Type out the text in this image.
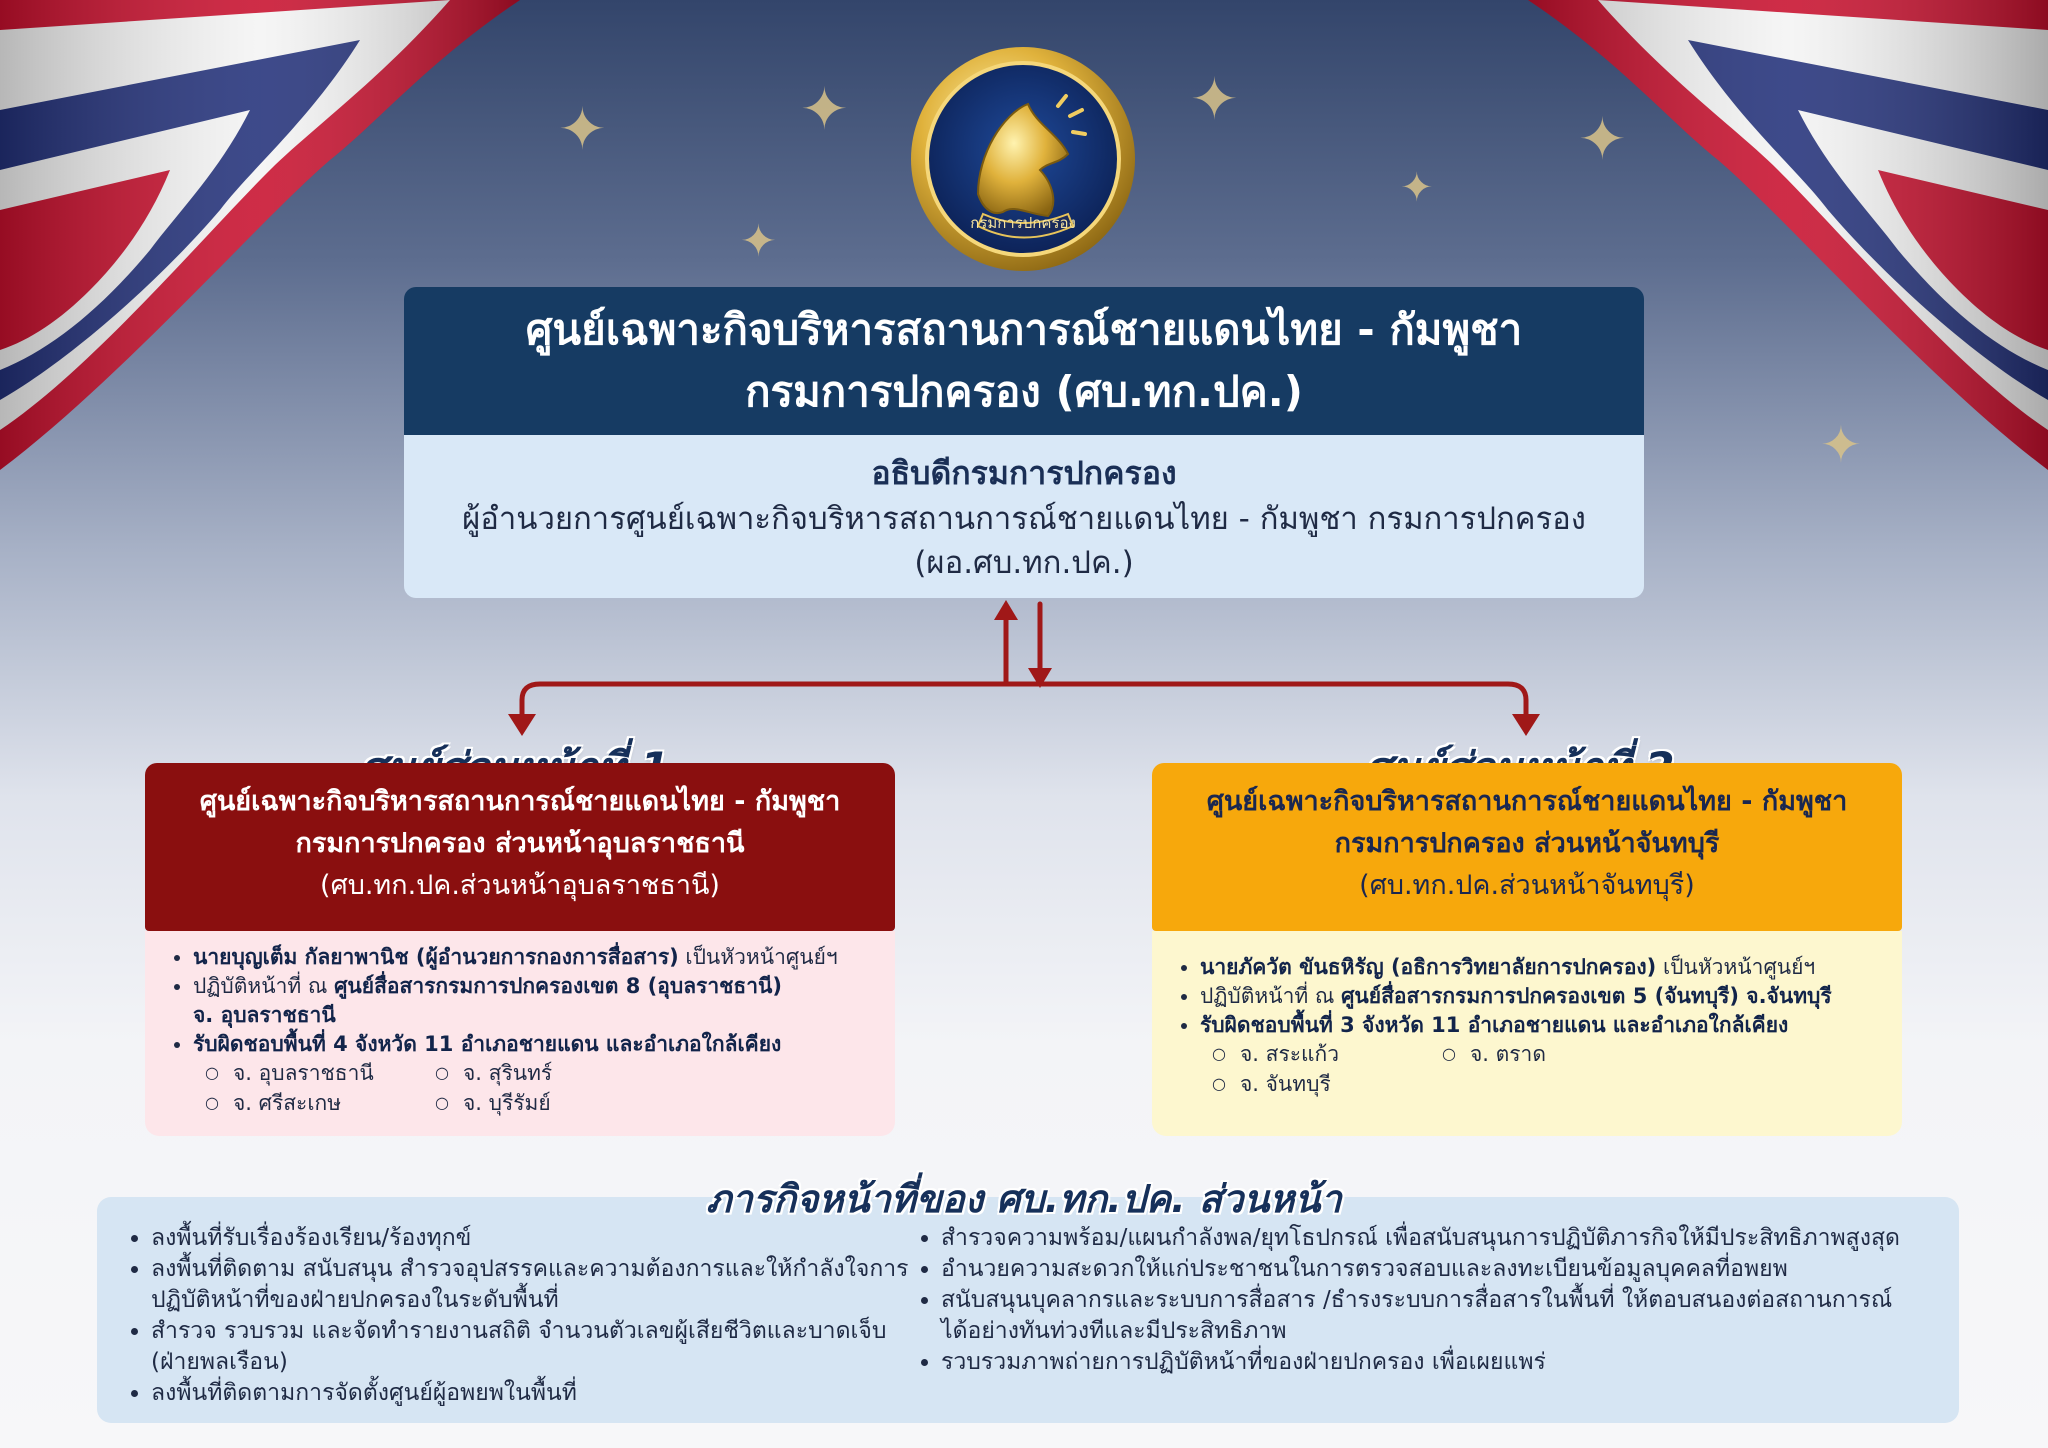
✦	✦
✦
✦
✦
✦
✦
กรมการปกครอง
ศูนย์เฉพาะกิจบริหารสถานการณ์ชายแดนไทย - กัมพูชา
กรมการปกครอง (ศบ.ทก.ปค.)
อธิบดีกรมการปกครอง
ผู้อำนวยการศูนย์เฉพาะกิจบริหารสถานการณ์ชายแดนไทย - กัมพูชา กรมการปกครอง
(ผอ.ศบ.ทก.ปค.)
ศูนย์เฉพาะกิจบริหารสถานการณ์ชายแดนไทย - กัมพูชา
กรมการปกครอง ส่วนหน้าอุบลราชธานี
(ศบ.ทก.ปค.ส่วนหน้าอุบลราชธานี)
• นายบุญเต็ม กัลยาพานิช (ผู้อำนวยการกองการสื่อสาร) เป็นหัวหน้าศูนย์ฯ
• ปฏิบัติหน้าที่ ณ ศูนย์สื่อสารกรมการปกครองเขต 8 (อุบลราชธานี)
จ. อุบลราชธานี
• รับผิดชอบพื้นที่ 4 จังหวัด 11 อำเภอชายแดน และอำเภอใกล้เคียง
○ จ. อุบลราชธานี	○ จ. สุรินทร์
○ จ. ศรีสะเกษ	○ จ. บุรีรัมย์
ศูนย์เฉพาะกิจบริหารสถานการณ์ชายแดนไทย - กัมพูชา
กรมการปกครอง ส่วนหน้าจันทบุรี
(ศบ.ทก.ปค.ส่วนหน้าจันทบุรี)
• นายภัควัต ขันธหิรัญ (อธิการวิทยาลัยการปกครอง) เป็นหัวหน้าศูนย์ฯ
• ปฏิบัติหน้าที่ ณ ศูนย์สื่อสารกรมการปกครองเขต 5 (จันทบุรี) จ.จันทบุรี
• รับผิดชอบพื้นที่ 3 จังหวัด 11 อำเภอชายแดน และอำเภอใกล้เคียง
○ จ. สระแก้ว	○ จ. ตราด
○ จ. จันทบุรี
• ลงพื้นที่รับเรื่องร้องเรียน/ร้องทุกข์
• ลงพื้นที่ติดตาม สนับสนุน สำรวจอุปสรรคและความต้องการและให้กำลังใจการปฏิบัติหน้าที่ของฝ่ายปกครองในระดับพื้นที่
• สำรวจ รวบรวม และจัดทำรายงานสถิติ จำนวนตัวเลขผู้เสียชีวิตและบาดเจ็บ (ฝ่ายพลเรือน)
• ลงพื้นที่ติดตามการจัดตั้งศูนย์ผู้อพยพในพื้นที่
• สำรวจความพร้อม/แผนกำลังพล/ยุทโธปกรณ์ เพื่อสนับสนุนการปฏิบัติภารกิจให้มีประสิทธิภาพสูงสุด
• อำนวยความสะดวกให้แก่ประชาชนในการตรวจสอบและลงทะเบียนข้อมูลบุคคลที่อพยพ
• สนับสนุนบุคลากรและระบบการสื่อสาร /ธำรงระบบการสื่อสารในพื้นที่ ให้ตอบสนองต่อสถานการณ์ได้อย่างทันท่วงทีและมีประสิทธิภาพ
• รวบรวมภาพถ่ายการปฏิบัติหน้าที่ของฝ่ายปกครอง เพื่อเผยแพร่
ภารกิจหน้าที่ของ ศบ.ทก.ปค. ส่วนหน้า
